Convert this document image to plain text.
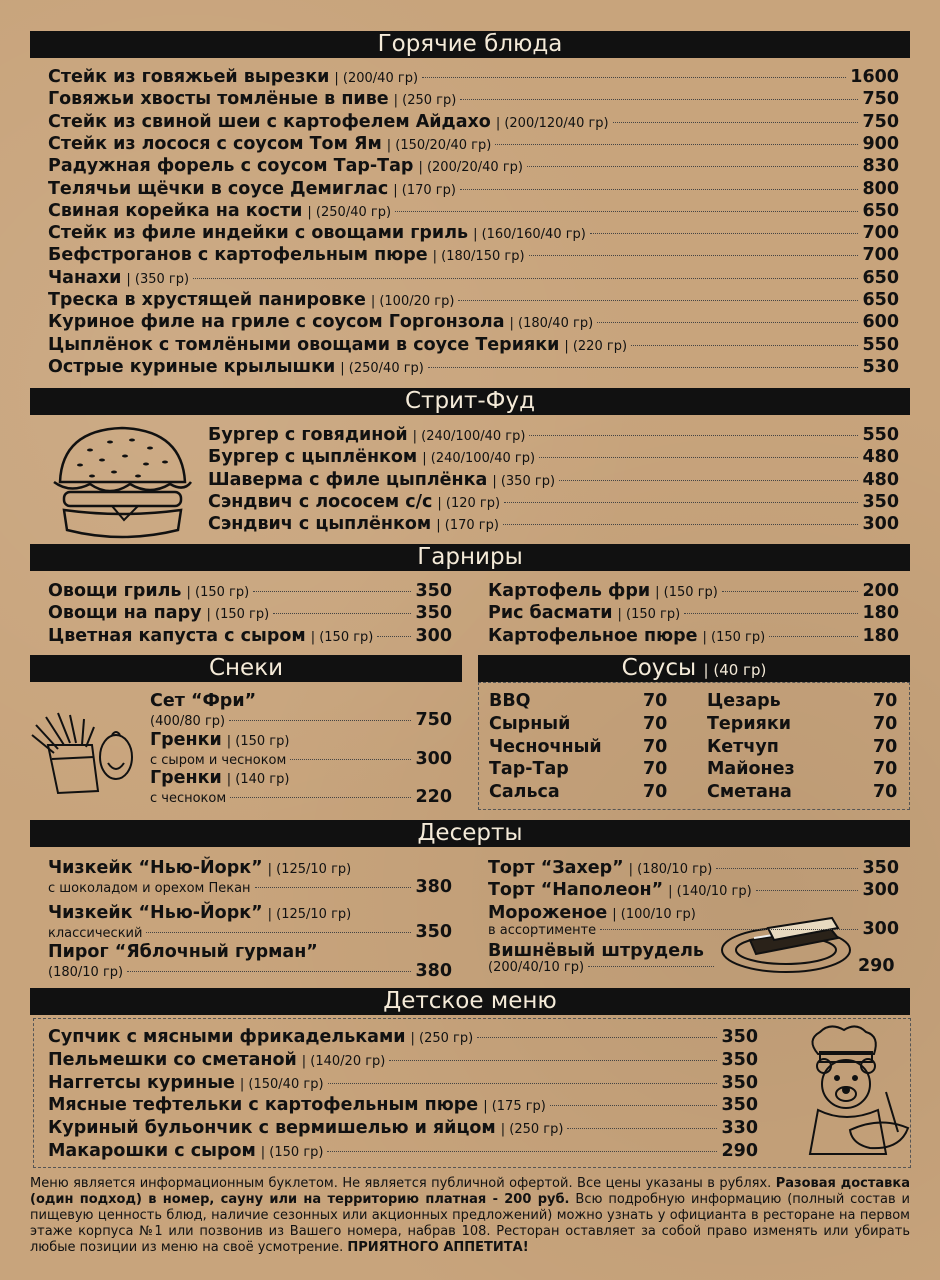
Горячие блюда
Стейк из говяжьей вырезки | (200/40 гр)	1600
Говяжьи хвосты томлёные в пиве | (250 гр)	750
Стейк из свиной шеи с картофелем Айдахо | (200/120/40 гр)	750
Стейк из лосося с соусом Том Ям | (150/20/40 гр)	900
Радужная форель с соусом Тар-Тар | (200/20/40 гр)	830
Телячьи щёчки в соусе Демиглас | (170 гр)	800
Свиная корейка на кости | (250/40 гр)	650
Стейк из филе индейки с овощами гриль | (160/160/40 гр)	700
Бефстроганов с картофельным пюре | (180/150 гр)	700
Чанахи | (350 гр)	650
Треска в хрустящей панировке | (100/20 гр)	650
Куриное филе на гриле с соусом Горгонзола | (180/40 гр)	600
Цыплёнок с томлёными овощами в соусе Терияки | (220 гр)	550
Острые куриные крылышки | (250/40 гр)	530
Стрит-Фуд
Бургер с говядиной | (240/100/40 гр)	550
Бургер с цыплёнком | (240/100/40 гр)	480
Шаверма с филе цыплёнка | (350 гр)	480
Сэндвич с лососем с/с | (120 гр)	350
Сэндвич с цыплёнком | (170 гр)	300
Гарниры
Овощи гриль | (150 гр)	350
Овощи на пару | (150 гр)	350
Цветная капуста с сыром | (150 гр) 300
Картофель фри | (150 гр)	200
Рис басмати | (150 гр)	180
Картофельное пюре | (150 гр)	180
Снеки
Сет “Фри”
(400/80 гр)	750
Гренки | (150 гр)
с сыром и чесноком	300
Гренки | (140 гр)
с чесноком	220
Соусы | (40 гр)
BBQ	70
Сырный	70
Чесночный 70
Тар-Тар	70
Сальса	70
Цезарь	70
Терияки	70
Кетчуп	70
Майонез	70
Сметана	70
Десерты
Чизкейк “Нью-Йорк” | (125/10 гр)
с шоколадом и орехом Пекан	380
Чизкейк “Нью-Йорк” | (125/10 гр)
классический	350
Пирог “Яблочный гурман”
(180/10 гр)	380
Торт “Захер” | (180/10 гр)	350
Торт “Наполеон” | (140/10 гр)	300
Мороженое | (100/10 гр)
в ассортименте	300
Вишнёвый штрудель
(200/40/10 гр)	290
Детское меню
Супчик с мясными фрикадельками | (250 гр)	350
Пельмешки со сметаной | (140/20 гр)	350
Наггетсы куриные | (150/40 гр)	350
Мясные тефтельки с картофельным пюре | (175 гр)	350
Куриный бульончик с вермишелью и яйцом | (250 гр)	330
Макарошки с сыром | (150 гр)	290
Меню является информационным буклетом. Не является публичной офертой. Все цены указаны в рублях. Разовая доставка (один подход) в номер, сауну или на территорию платная - 200 руб. Всю подробную информацию (полный состав и пищевую ценность блюд, наличие сезонных или акционных предложений) можно узнать у официанта в ресторане на первом этаже корпуса №1 или позвонив из Вашего номера, набрав 108. Ресторан оставляет за собой право изменять или убирать любые позиции из меню на своё усмотрение. ПРИЯТНОГО АППЕТИТА!
